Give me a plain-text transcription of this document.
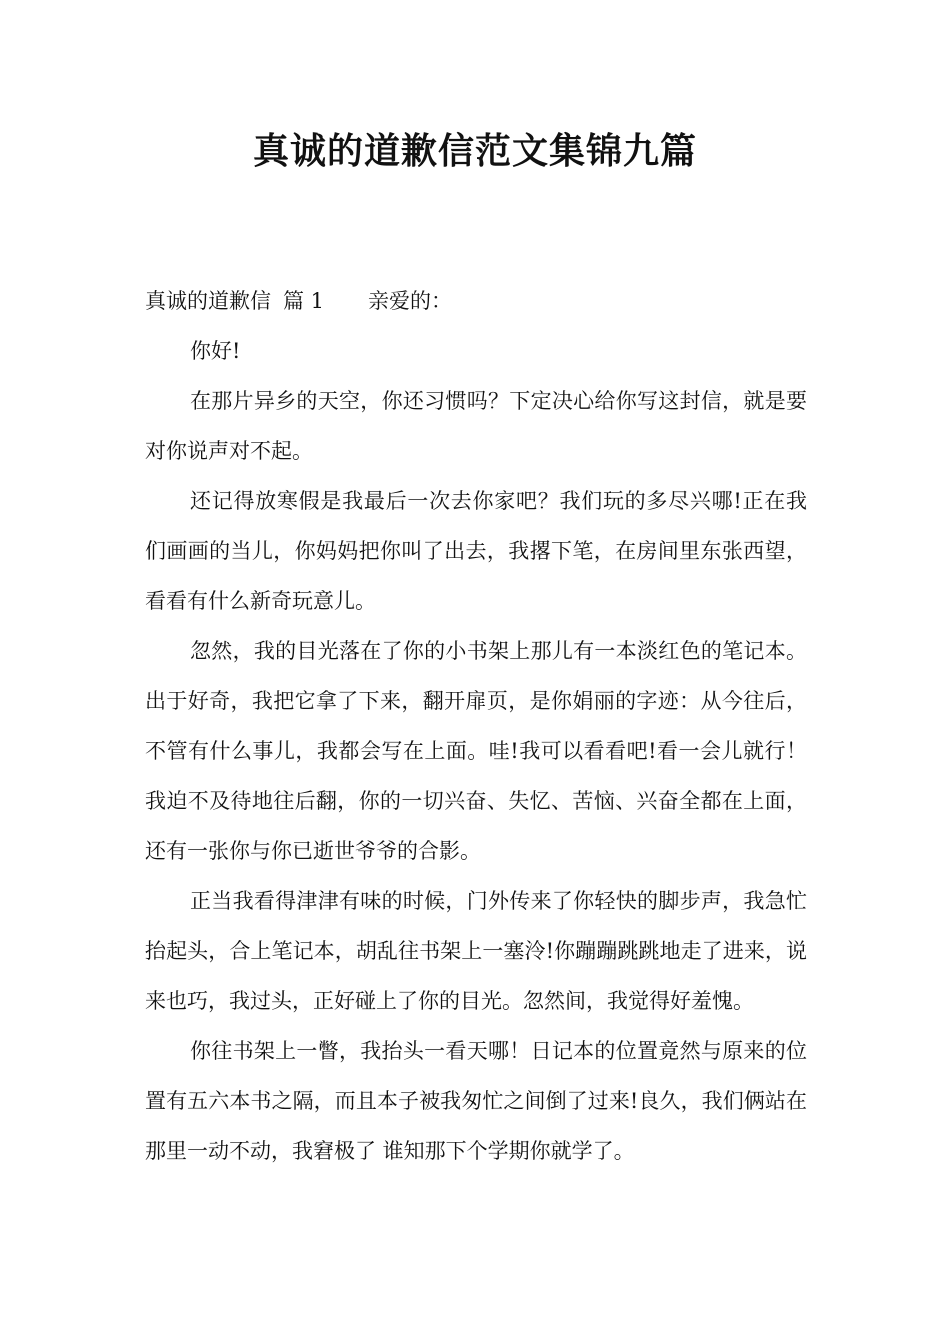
真诚的道歉信范文集锦九篇

真诚的道歉信 篇 1 亲爱的：

你好!

在那片异乡的天空，你还习惯吗？下定决心给你写这封信，就是要对你说声对不起。

还记得放寒假是我最后一次去你家吧？我们玩的多尽兴哪!正在我们画画的当儿，你妈妈把你叫了出去，我撂下笔，在房间里东张西望，看看有什么新奇玩意儿。

忽然，我的目光落在了你的小书架上那儿有一本淡红色的笔记本。出于好奇，我把它拿了下来，翻开扉页，是你娟丽的字迹：从今往后，不管有什么事儿，我都会写在上面。哇!我可以看看吧!看一会儿就行！我迫不及待地往后翻，你的一切兴奋、失忆、苦恼、兴奋全都在上面，还有一张你与你已逝世爷爷的合影。

正当我看得津津有味的时候，门外传来了你轻快的脚步声，我急忙抬起头，合上笔记本，胡乱往书架上一塞泠!你蹦蹦跳跳地走了进来，说来也巧，我过头，正好碰上了你的目光。忽然间，我觉得好羞愧。

你往书架上一瞥，我抬头一看天哪！日记本的位置竟然与原来的位置有五六本书之隔，而且本子被我匆忙之间倒了过来!良久，我们俩站在那里一动不动，我窘极了 谁知那下个学期你就学了。
